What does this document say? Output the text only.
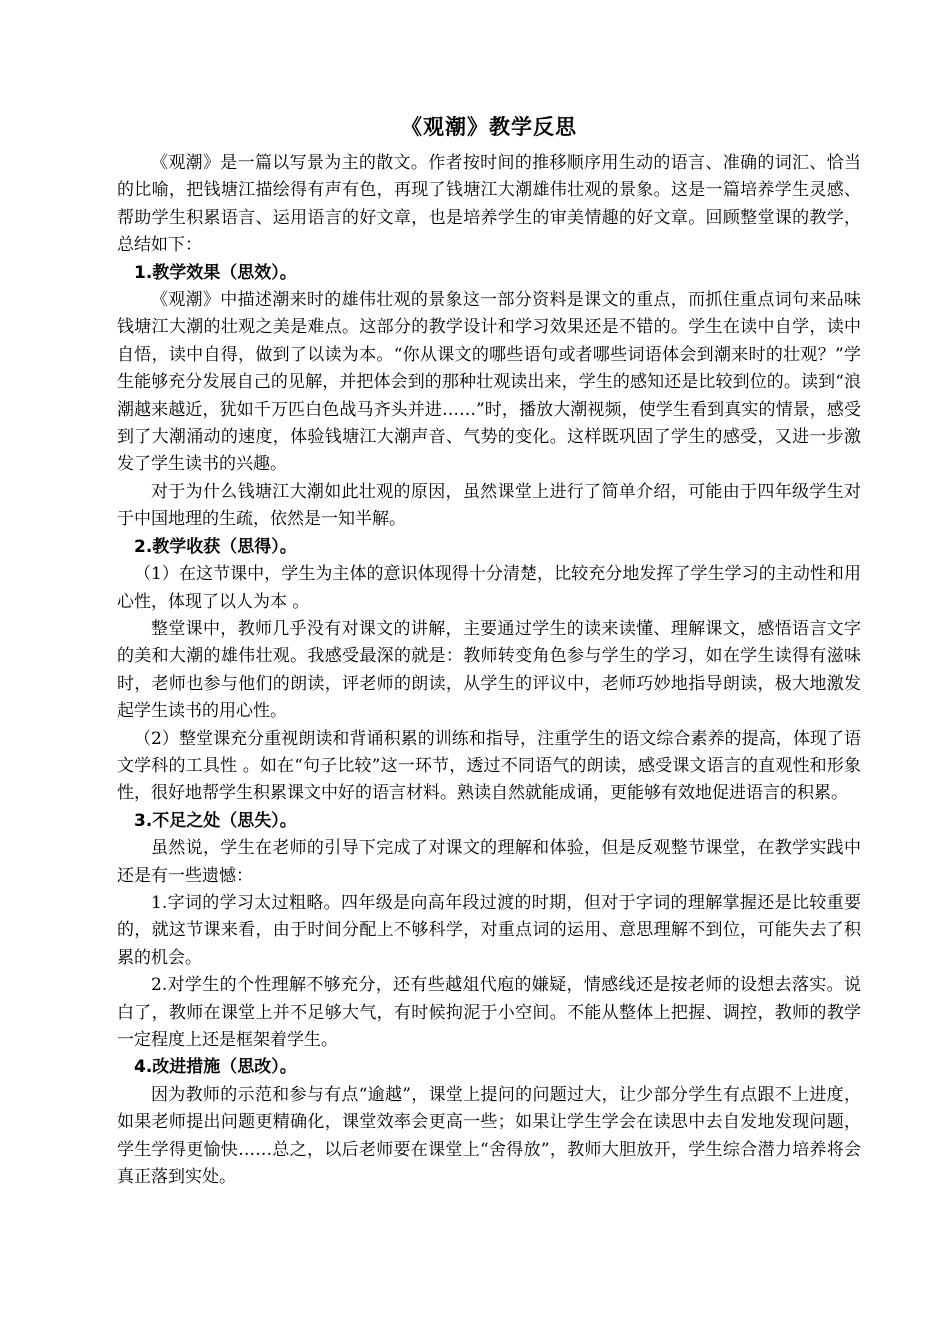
《观潮》教学反思

《观潮》是一篇以写景为主的散文。作者按时间的推移顺序用生动的语言、准确的词汇、恰当的比喻，把钱塘江描绘得有声有色，再现了钱塘江大潮雄伟壮观的景象。这是一篇培养学生灵感、帮助学生积累语言、运用语言的好文章，也是培养学生的审美情趣的好文章。回顾整堂课的教学，总结如下：

1.教学效果（思效）。

《观潮》中描述潮来时的雄伟壮观的景象这一部分资料是课文的重点，而抓住重点词句来品味钱塘江大潮的壮观之美是难点。这部分的教学设计和学习效果还是不错的。学生在读中自学，读中自悟，读中自得，做到了以读为本。“你从课文的哪些语句或者哪些词语体会到潮来时的壮观？”学生能够充分发展自己的见解，并把体会到的那种壮观读出来，学生的感知还是比较到位的。读到“浪潮越来越近，犹如千万匹白色战马齐头并进……”时，播放大潮视频，使学生看到真实的情景，感受到了大潮涌动的速度，体验钱塘江大潮声音、气势的变化。这样既巩固了学生的感受，又进一步激发了学生读书的兴趣。

对于为什么钱塘江大潮如此壮观的原因，虽然课堂上进行了简单介绍，可能由于四年级学生对于中国地理的生疏，依然是一知半解。

2.教学收获（思得）。

（1）在这节课中，学生为主体的意识体现得十分清楚，比较充分地发挥了学生学习的主动性和用心性，体现了以人为本 。

整堂课中，教师几乎没有对课文的讲解，主要通过学生的读来读懂、理解课文，感悟语言文字的美和大潮的雄伟壮观。我感受最深的就是：教师转变角色参与学生的学习，如在学生读得有滋味时，老师也参与他们的朗读，评老师的朗读，从学生的评议中，老师巧妙地指导朗读，极大地激发起学生读书的用心性。

（2）整堂课充分重视朗读和背诵积累的训练和指导，注重学生的语文综合素养的提高，体现了语文学科的工具性 。如在“句子比较”这一环节，透过不同语气的朗读，感受课文语言的直观性和形象性，很好地帮学生积累课文中好的语言材料。熟读自然就能成诵，更能够有效地促进语言的积累。

3.不足之处（思失）。

虽然说，学生在老师的引导下完成了对课文的理解和体验，但是反观整节课堂，在教学实践中还是有一些遗憾：

1.字词的学习太过粗略。四年级是向高年段过渡的时期，但对于字词的理解掌握还是比较重要的，就这节课来看，由于时间分配上不够科学，对重点词的运用、意思理解不到位，可能失去了积累的机会。

2.对学生的个性理解不够充分，还有些越俎代庖的嫌疑，情感线还是按老师的设想去落实。说白了，教师在课堂上并不足够大气，有时候拘泥于小空间。不能从整体上把握、调控，教师的教学一定程度上还是框架着学生。

4.改进措施（思改）。

因为教师的示范和参与有点“逾越”，课堂上提问的问题过大，让少部分学生有点跟不上进度，如果老师提出问题更精确化，课堂效率会更高一些；如果让学生学会在读思中去自发地发现问题，学生学得更愉快……总之，以后老师要在课堂上“舍得放”，教师大胆放开，学生综合潜力培养将会真正落到实处。
